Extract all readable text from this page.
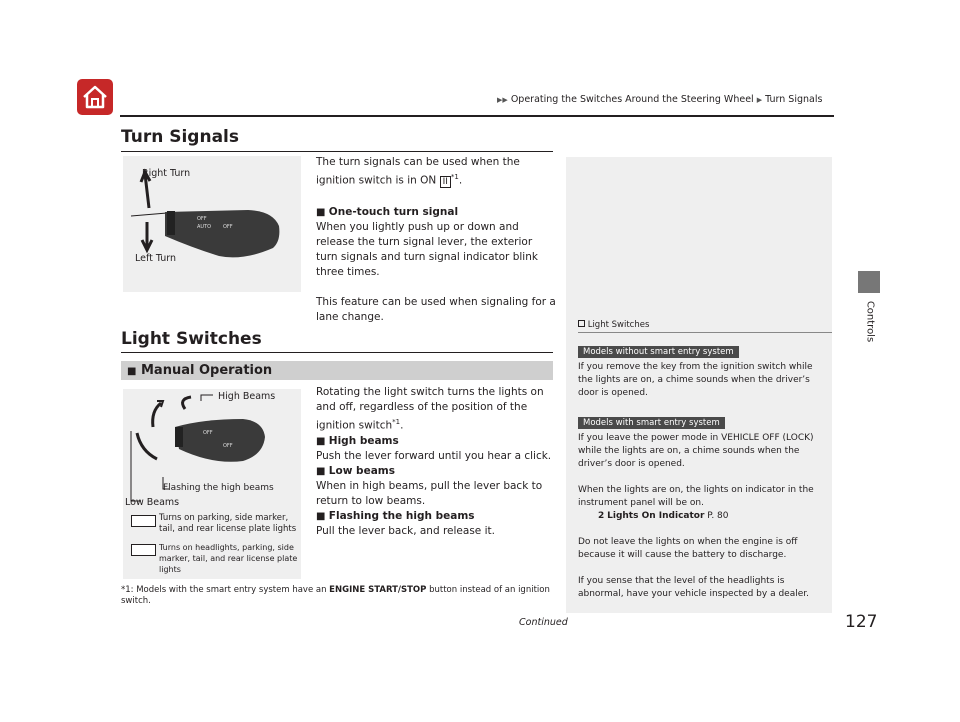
▶▶ Operating the Switches Around the Steering Wheel ▶ Turn Signals
Controls
Turn Signals
Right Turn
Left Turn
OFF
AUTO OFF
The turn signals can be used when the ignition switch is in ON II $^{*1}$.
■ One-touch turn signal
When you lightly push up or down and release the turn signal lever, the exterior turn signals and turn signal indicator blink three times.
This feature can be used when signaling for a lane change.
Light Switches
■ Manual Operation
High Beams
Flashing the high beams
Low Beams
OFF
OFF
Turns on parking, side marker, tail, and rear license plate lights
Turns on headlights, parking, side marker, tail, and rear license plate lights
Rotating the light switch turns the lights on and off, regardless of the position of the ignition switch$^{*1}$.
■ High beams
Push the lever forward until you hear a click.
■ Low beams
When in high beams, pull the lever back to return to low beams.
■ Flashing the high beams
Pull the lever back, and release it.
*1: Models with the smart entry system have an ENGINE START/STOP button instead of an ignition switch.
Continued	127
Light Switches
Models without smart entry system
If you remove the key from the ignition switch while the lights are on, a chime sounds when the driver’s door is opened.
Models with smart entry system
If you leave the power mode in VEHICLE OFF (LOCK) while the lights are on, a chime sounds when the driver’s door is opened.
When the lights are on, the lights on indicator in the instrument panel will be on.
2 Lights On Indicator P. 80
Do not leave the lights on when the engine is off because it will cause the battery to discharge.
If you sense that the level of the headlights is abnormal, have your vehicle inspected by a dealer.
